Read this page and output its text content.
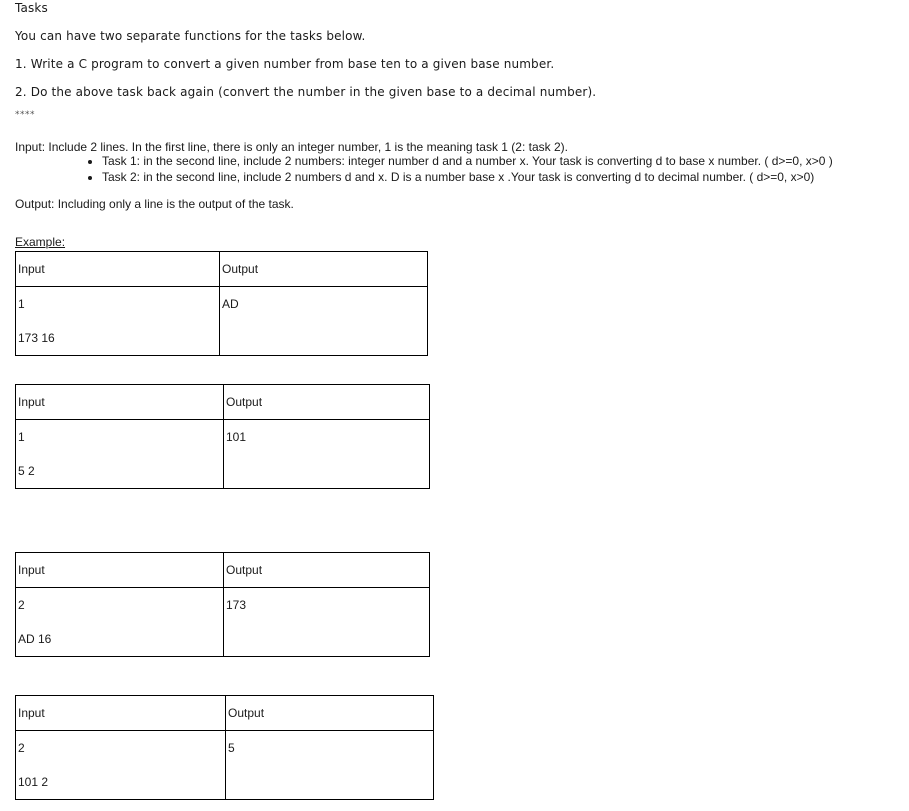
Tasks
You can have two separate functions for the tasks below.
1. Write a C program to convert a given number from base ten to a given base number.
2. Do the above task back again (convert the number in the given base to a decimal number).
****
Input: Include 2 lines. In the first line, there is only an integer number, 1 is the meaning task 1 (2: task 2).
• Task 1: in the second line, include 2 numbers: integer number d and a number x. Your task is converting d to base x number. ( d>=0, x>0 )
• Task 2: in the second line, include 2 numbers d and x. D is a number base x .Your task is converting d to decimal number. ( d>=0, x>0)
Output: Including only a line is the output of the task.
Example:
Input	Output

1
173 16	AD
Input	Output

1
5 2	101
Input	Output

2
AD 16	173
Input	Output

2
101 2	5
